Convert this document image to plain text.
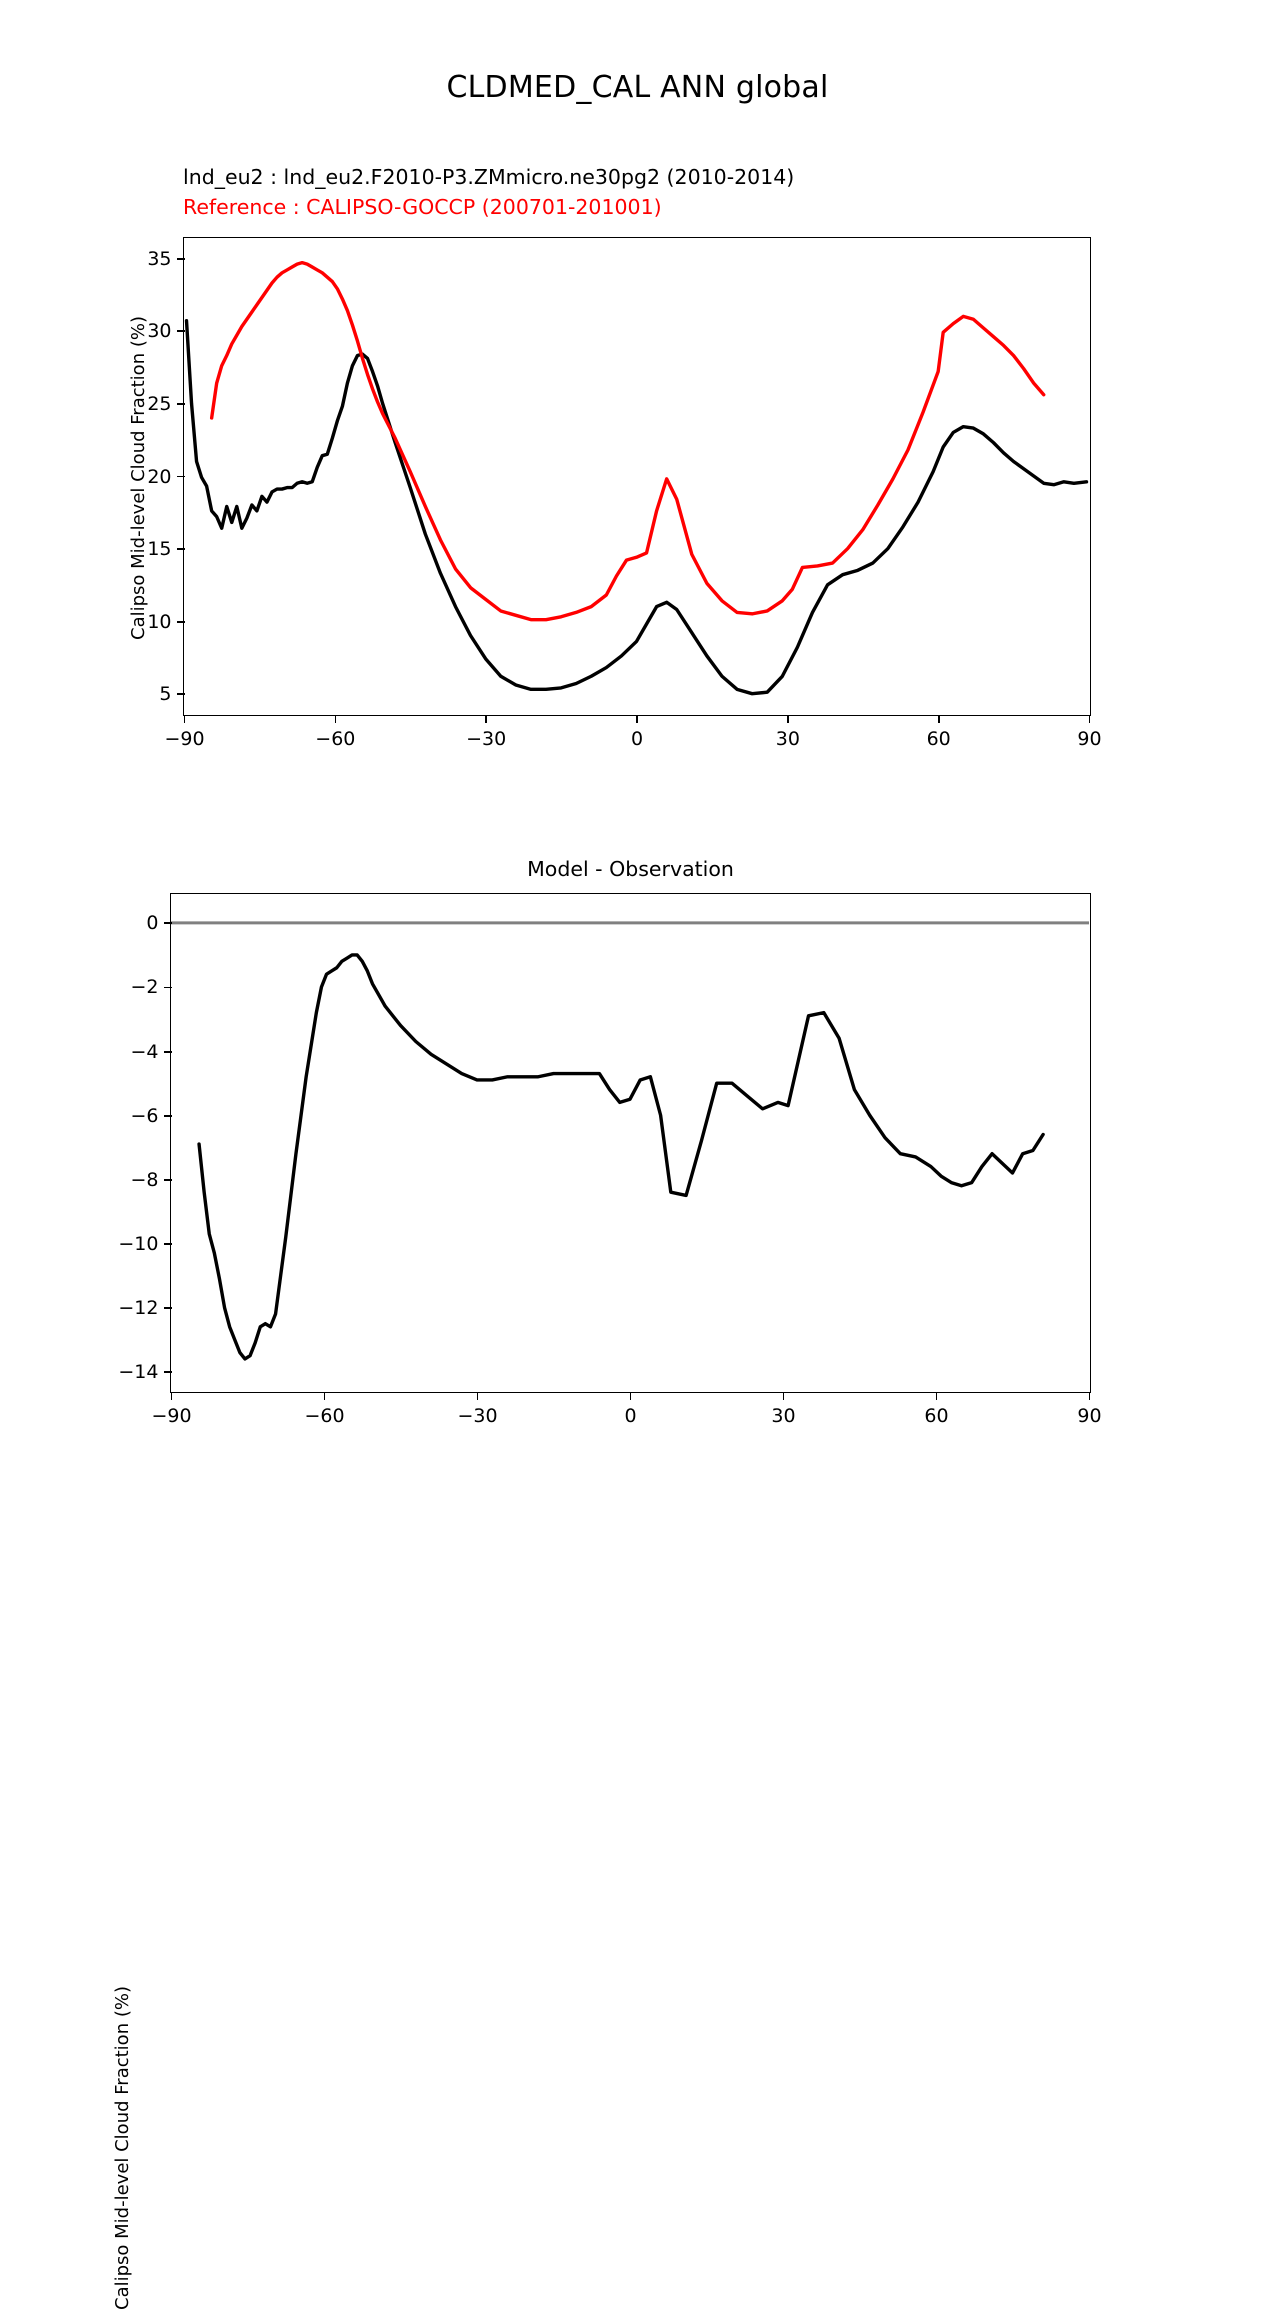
CLDMED_CAL ANN global
lnd_eu2 : lnd_eu2.F2010-P3.ZMmicro.ne30pg2 (2010-2014)
Reference : CALIPSO-GOCCP (200701-201001)
Calipso Mid-level Cloud Fraction (%)
−90	−60	−30	0	30	60	90
5
10
15
20
25
30
35
Model - Observation
Calipso Mid-level Cloud Fraction (%)
−90	−60	−30	0	30	60	90
0
−2
−4
−6
−8
−10
−12
−14
